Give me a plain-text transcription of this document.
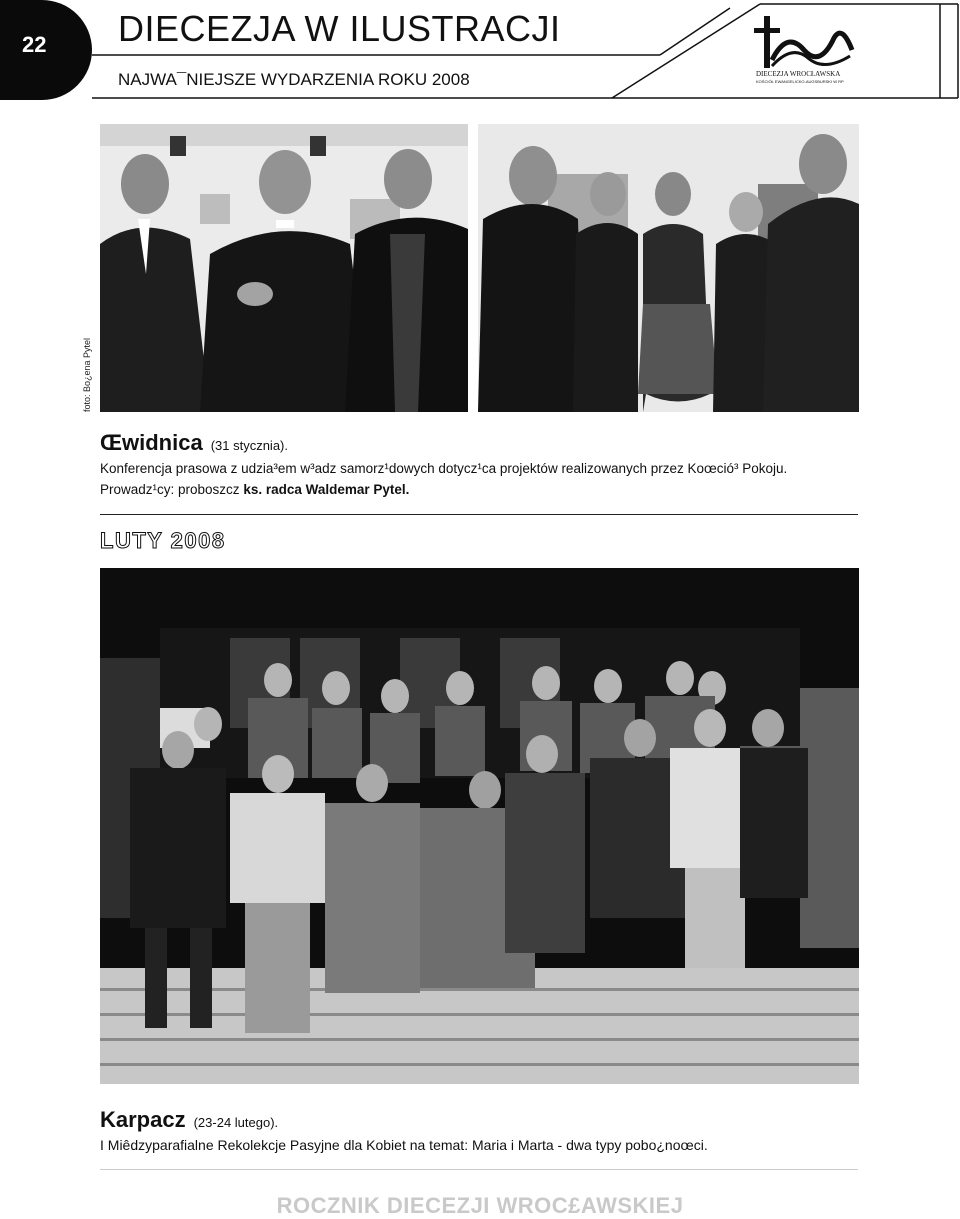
22	DIECEZJA W ILUSTRACJI
NAJWA¯NIEJSZE WYDARZENIA ROKU 2008	DIECEZJA WROCŁAWSKA
KOŚCIÓŁ EWANGELICKO-AUGSBURSKI W RP
foto: Bo¿ena Pytel
Œwidnica (31 stycznia).
Konferencja prasowa z udzia³em w³adz samorz¹dowych dotycz¹ca projektów realizowanych przez Koœció³ Pokoju.
Prowadz¹cy: proboszcz ks. radca Waldemar Pytel.
LUTY 2008
Karpacz (23-24 lutego).
I Miêdzyparafialne Rekolekcje Pasyjne dla Kobiet na temat: Maria i Marta - dwa typy pobo¿noœci.
ROCZNIK DIECEZJI WROC£AWSKIEJ
